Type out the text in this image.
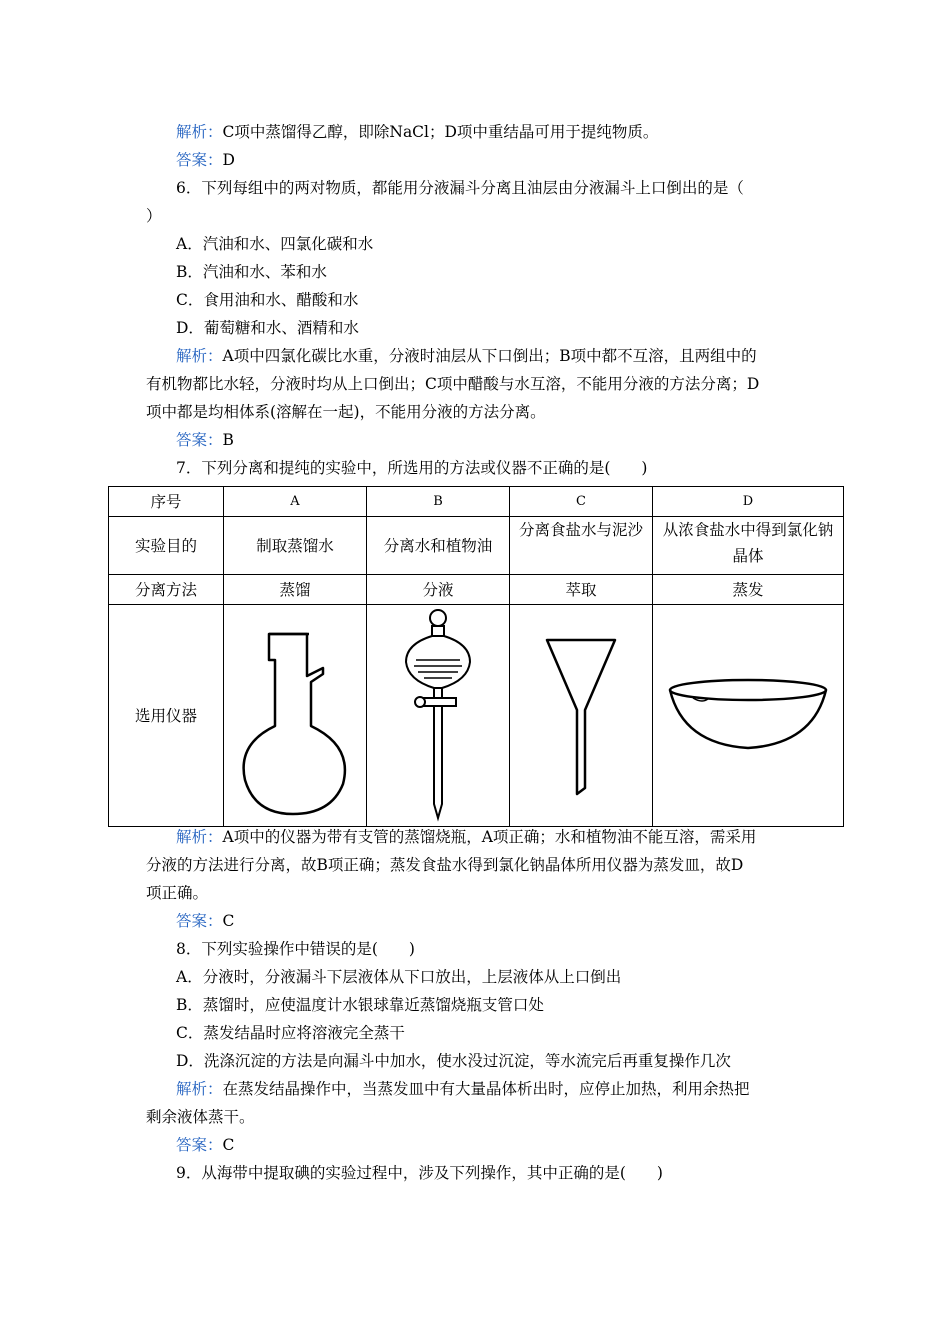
解析：C项中蒸馏得乙醇，即除NaCl；D项中重结晶可用于提纯物质。
答案：D
6．下列每组中的两对物质，都能用分液漏斗分离且油层由分液漏斗上口倒出的是（
）
A．汽油和水、四氯化碳和水
B．汽油和水、苯和水
C．食用油和水、醋酸和水
D．葡萄糖和水、酒精和水
解析：A项中四氯化碳比水重，分液时油层从下口倒出；B项中都不互溶，且两组中的
有机物都比水轻，分液时均从上口倒出；C项中醋酸与水互溶，不能用分液的方法分离；D
项中都是均相体系(溶解在一起)，不能用分液的方法分离。
答案：B
7．下列分离和提纯的实验中，所选用的方法或仪器不正确的是(　　)
序号	A	B	C	D
实验目的	制取蒸馏水	分离水和植物油	分离食盐水与泥沙	从浓食盐水中得到氯化钠晶体
分离方法	蒸馏	分液	萃取	蒸发
选用仪器	

解析：A项中的仪器为带有支管的蒸馏烧瓶，A项正确；水和植物油不能互溶，需采用
分液的方法进行分离，故B项正确；蒸发食盐水得到氯化钠晶体所用仪器为蒸发皿，故D
项正确。
答案：C
8．下列实验操作中错误的是(　　)
A．分液时，分液漏斗下层液体从下口放出，上层液体从上口倒出
B．蒸馏时，应使温度计水银球靠近蒸馏烧瓶支管口处
C．蒸发结晶时应将溶液完全蒸干
D．洗涤沉淀的方法是向漏斗中加水，使水没过沉淀，等水流完后再重复操作几次
解析：在蒸发结晶操作中，当蒸发皿中有大量晶体析出时，应停止加热，利用余热把
剩余液体蒸干。
答案：C
9．从海带中提取碘的实验过程中，涉及下列操作，其中正确的是(　　)
